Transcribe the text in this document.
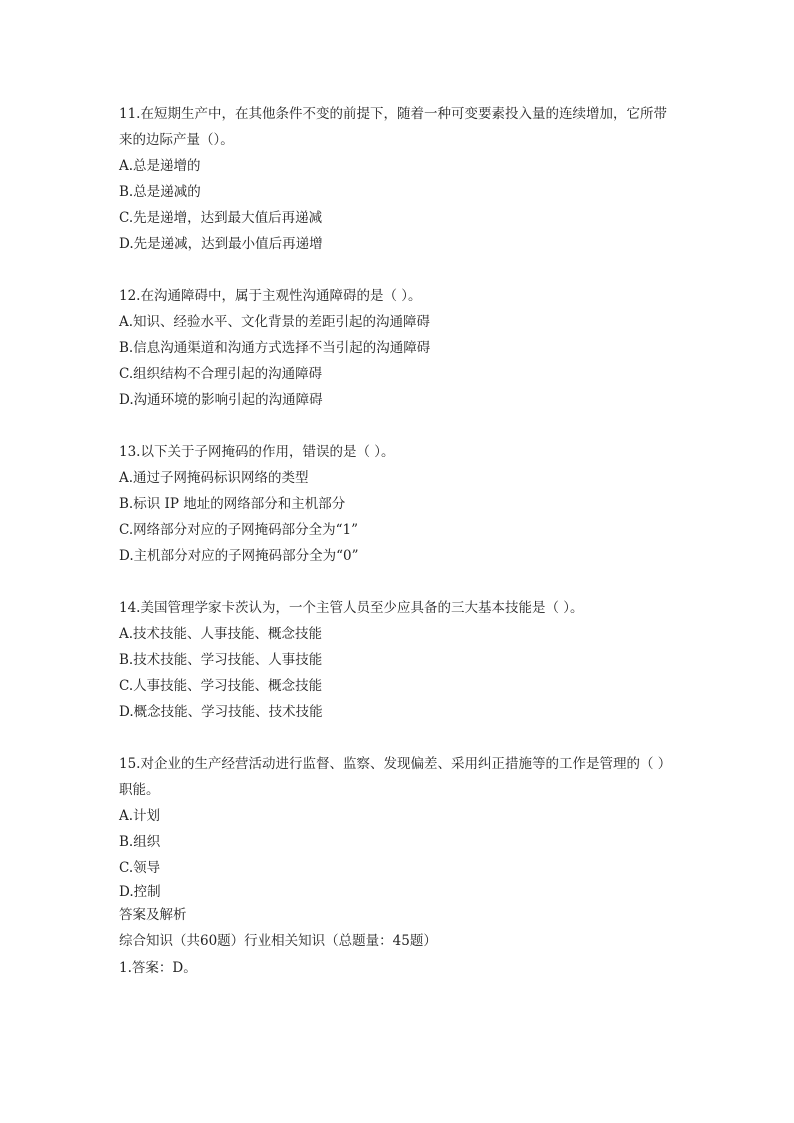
11.在短期生产中，在其他条件不变的前提下，随着一种可变要素投入量的连续增加，它所带来的边际产量（）。

A.总是递增的

B.总是递减的

C.先是递增，达到最大值后再递减

D.先是递减，达到最小值后再递增

12.在沟通障碍中，属于主观性沟通障碍的是（ ）。

A.知识、经验水平、文化背景的差距引起的沟通障碍

B.信息沟通渠道和沟通方式选择不当引起的沟通障碍

C.组织结构不合理引起的沟通障碍

D.沟通环境的影响引起的沟通障碍

13.以下关于子网掩码的作用，错误的是（ ）。

A.通过子网掩码标识网络的类型

B.标识 IP 地址的网络部分和主机部分

C.网络部分对应的子网掩码部分全为“1”

D.主机部分对应的子网掩码部分全为“0”

14.美国管理学家卡茨认为，一个主管人员至少应具备的三大基本技能是（ ）。

A.技术技能、人事技能、概念技能

B.技术技能、学习技能、人事技能

C.人事技能、学习技能、概念技能

D.概念技能、学习技能、技术技能

15.对企业的生产经营活动进行监督、监察、发现偏差、采用纠正措施等的工作是管理的（ ）职能。

A.计划

B.组织

C.领导

D.控制

答案及解析

综合知识（共60题）行业相关知识（总题量：45题）

1.答案：D。
